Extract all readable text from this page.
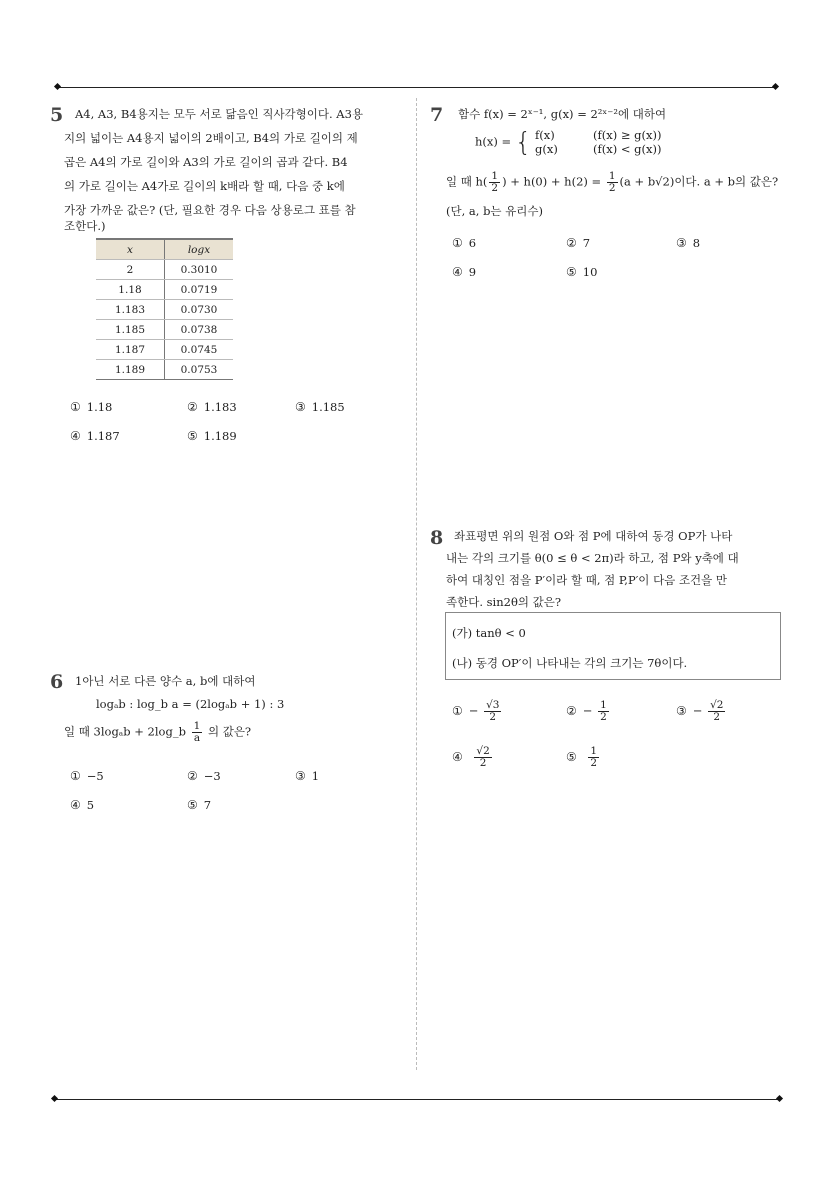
5 A4, A3, B4용지는 모두 서로 닮음인 직사각형이다. A3용
지의 넓이는 A4용지 넓이의 2배이고, B4의 가로 길이의 제
곱은 A4의 가로 길이와 A3의 가로 길이의 곱과 같다. B4
의 가로 길이는 A4가로 길이의 k배라 할 때, 다음 중 k에
가장 가까운 값은? (단, 필요한 경우 다음 상용로그 표를 참
조한다.)
x	logx
2	0.3010
1.18	0.0719
1.183	0.0730
1.185	0.0738
1.187	0.0745
1.189	0.0753
① 1.18	② 1.183	③ 1.185
④ 1.187	⑤ 1.189
6 1아닌 서로 다른 양수 a, b에 대하여
logₐb : log_b a = (2logₐb + 1) : 3
일 때 3logₐb + 2log_b $\frac{1}{a}$ 의 값은?
① −5	② −3	③ 1
④ 5	⑤ 7
7 함수 f(x) = 2ˣ⁻¹, g(x) = 2²ˣ⁻²에 대하여
h(x) = { f(x)	(f(x) ≥ g(x))
g(x)	(f(x) < g(x))
일 때 $h( \frac{1}{2}$ ) + $h(0) + h(2) = \frac{1}{2} (a + b√2)$이다. a + b의 값은?
(단, a, b는 유리수)
① 6	② 7	③ 8
④ 9	⑤ 10
8 좌표평면 위의 원점 O와 점 P에 대하여 동경 OP가 나타
내는 각의 크기를 θ(0 ≤ θ < 2π)라 하고, 점 P와 y축에 대
하여 대칭인 점을 P′이라 할 때, 점 P,P′이 다음 조건을 만
족한다. sin2θ의 값은?
(가) tanθ < 0
(나) 동경 OP′이 나타내는 각의 크기는 7θ이다.
① − $\frac{√3}{2}$	② − $\frac{1}{2}$	③ − $\frac{√2}{2}$
④ $\frac{√2}{2}$	⑤ $\frac{1}{2}$
